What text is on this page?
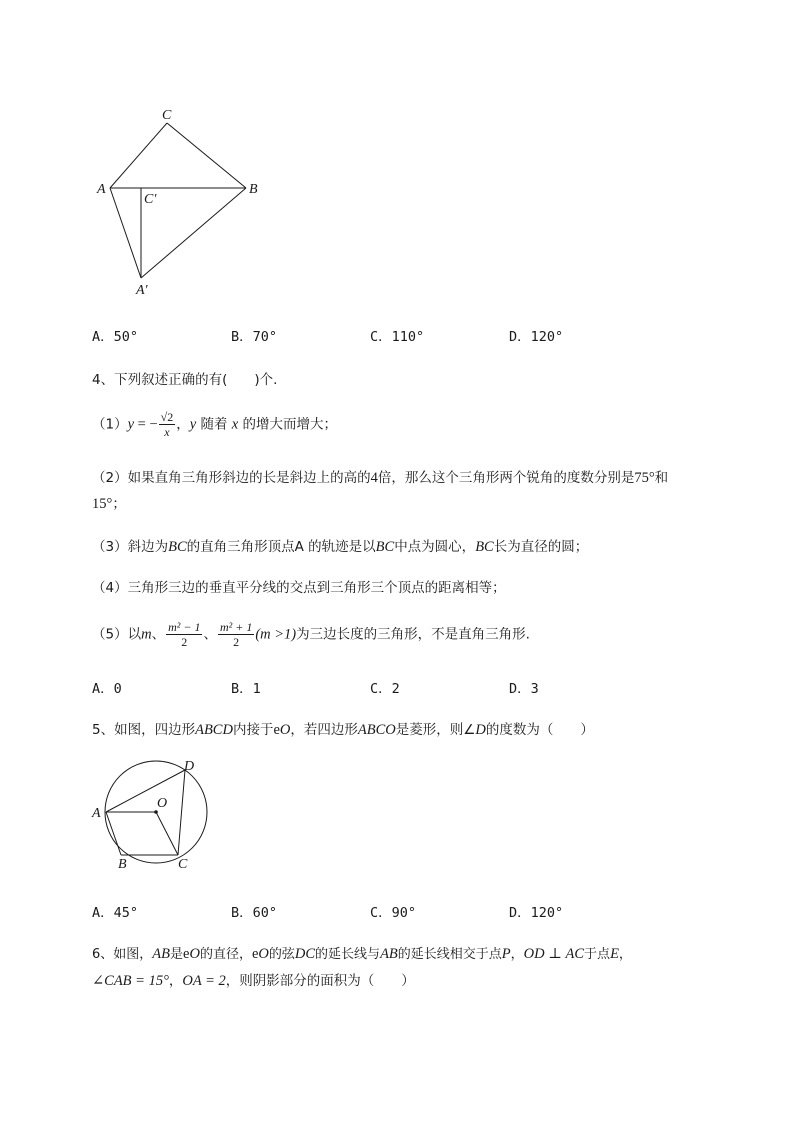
C
A	B
C′
A′
A．50°	B．70°	C．110°	D．120°
4、下列叙述正确的有(　　)个.
（1）y = − $\frac{√2}{x}$ ，y 随着 x 的增大而增大；
（2）如果直角三角形斜边的长是斜边上的高的4倍，那么这个三角形两个锐角的度数分别是75°和
15°；
（3）斜边为BC的直角三角形顶点A 的轨迹是以BC中点为圆心，BC长为直径的圆；
（4）三角形三边的垂直平分线的交点到三角形三个顶点的距离相等；
（5）以m、 $\frac{\text{m² − 1}}{2}$ 、 $\frac{\text{m² + 1}}{2} (m >1)$为三边长度的三角形，不是直角三角形.
A．0	B．1	C．2	D．3
5、如图，四边形ABCD内接于eO，若四边形ABCO是菱形，则∠D的度数为（　　）
A
B	C
D
O
A．45°	B．60°	C．90°	D．120°
6、如图，AB是eO的直径，eO的弦DC的延长线与AB的延长线相交于点P，OD ⊥ AC于点E，
∠CAB = 15°，OA = 2，则阴影部分的面积为（　　）
